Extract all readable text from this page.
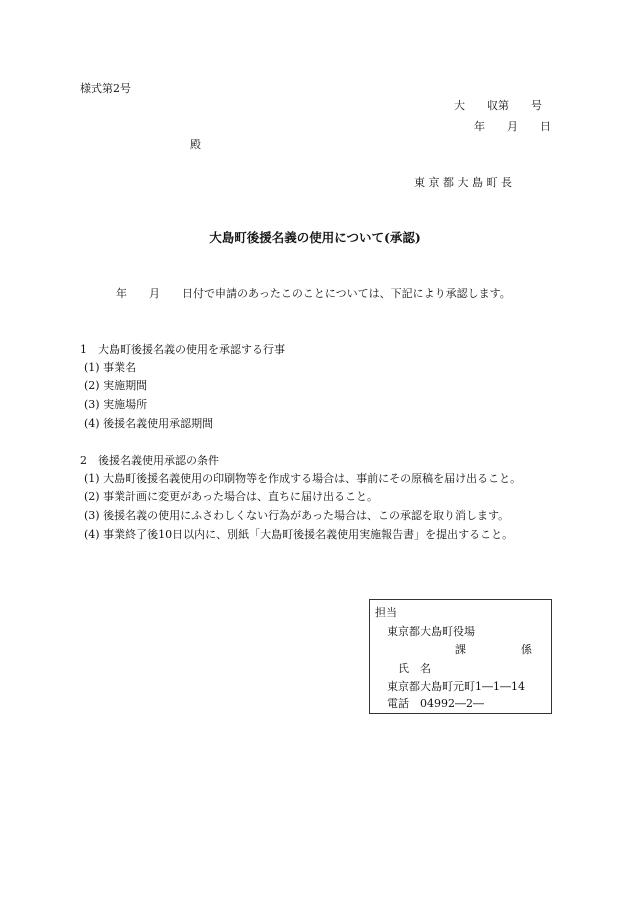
様式第2号
大　　収第　　号
年　　月　　日
殿
東 京 都 大 島 町 長
大島町後援名義の使用について(承認)
年　　月　　日付で申請のあったこのことについては、下記により承認します。
1　大島町後援名義の使用を承認する行事
(1) 事業名
(2) 実施期間
(3) 実施場所
(4) 後援名義使用承認期間
2　後援名義使用承認の条件
(1) 大島町後援名義使用の印刷物等を作成する場合は、事前にその原稿を届け出ること。
(2) 事業計画に変更があった場合は、直ちに届け出ること。
(3) 後援名義の使用にふさわしくない行為があった場合は、この承認を取り消します。
(4) 事業終了後10日以内に、別紙「大島町後援名義使用実施報告書」を提出すること。
担当
東京都大島町役場
課　　　　　係
氏　名
東京都大島町元町1―1―14
電話　04992―2―
